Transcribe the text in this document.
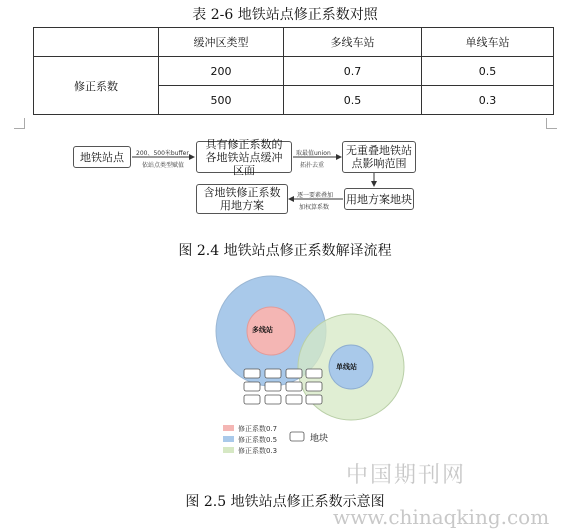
表 2-6 地铁站点修正系数对照
	缓冲区类型	多线车站	单线车站
修正系数	200	0.7	0.5
	500	0.5	0.3
地铁站点
具有修正系数的各地铁站点缓冲区面
无重叠地铁站点影响范围
用地方案地块
含地铁修正系数用地方案
200、500米buffer
依站点类型赋值
取最值union
拓扑去重
逐一要素叠加
加权算系数
图 2.4 地铁站点修正系数解译流程
多线站
单线站
修正系数0.7
修正系数0.5
修正系数0.3
地块
中国期刊网
www.chinaqking.com
图 2.5 地铁站点修正系数示意图
